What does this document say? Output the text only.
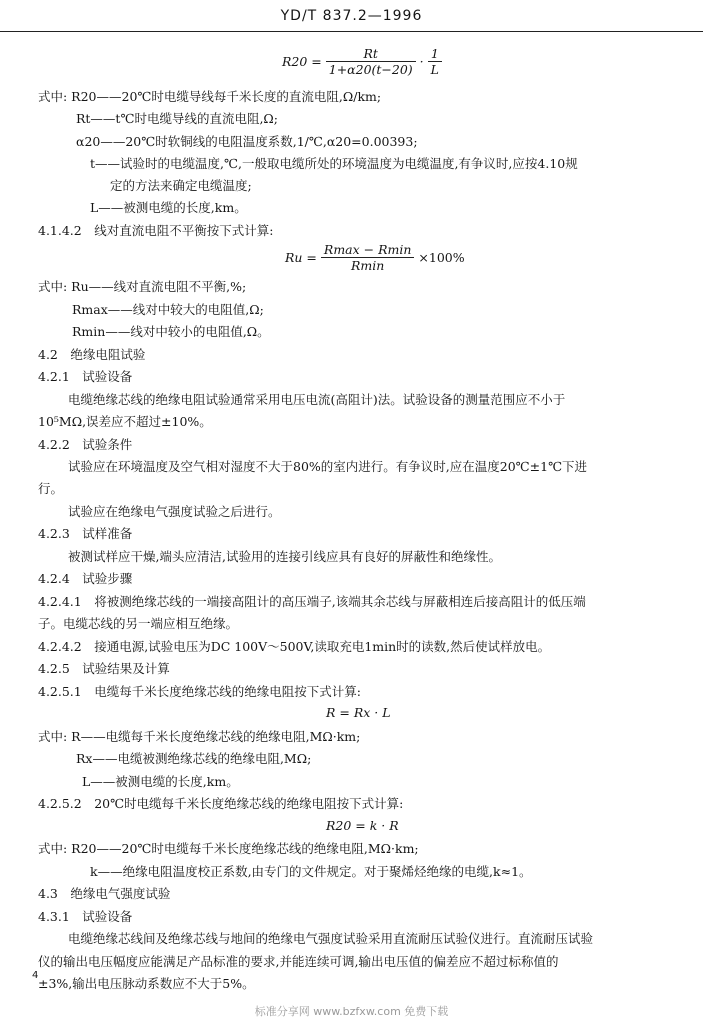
YD/T 837.2—1996
$R20 = \frac{Rt}{1+\alpha 20(t-20)} \cdot \frac{1}{L}$
式中: R20——20℃时电缆导线每千米长度的直流电阻,Ω/km;
Rt——t℃时电缆导线的直流电阻,Ω;
α20——20℃时软铜线的电阻温度系数,1/℃,α20=0.00393;
t——试验时的电缆温度,℃,一般取电缆所处的环境温度为电缆温度,有争议时,应按4.10规
定的方法来确定电缆温度;
L——被测电缆的长度,km。
4.1.4.2　线对直流电阻不平衡按下式计算:
$Ru = \frac{Rmax - Rmin}{Rmin} \times 100\%$
式中: Ru——线对直流电阻不平衡,%;
Rmax——线对中较大的电阻值,Ω;
Rmin——线对中较小的电阻值,Ω。
4.2　绝缘电阻试验
4.2.1　试验设备
电缆绝缘芯线的绝缘电阻试验通常采用电压电流(高阻计)法。试验设备的测量范围应不小于
10⁵MΩ,误差应不超过±10%。
4.2.2　试验条件
试验应在环境温度及空气相对湿度不大于80%的室内进行。有争议时,应在温度20℃±1℃下进
行。
试验应在绝缘电气强度试验之后进行。
4.2.3　试样准备
被测试样应干燥,端头应清洁,试验用的连接引线应具有良好的屏蔽性和绝缘性。
4.2.4　试验步骤
4.2.4.1　将被测绝缘芯线的一端接高阻计的高压端子,该端其余芯线与屏蔽相连后接高阻计的低压端
子。电缆芯线的另一端应相互绝缘。
4.2.4.2　接通电源,试验电压为DC 100V～500V,读取充电1min时的读数,然后使试样放电。
4.2.5　试验结果及计算
4.2.5.1　电缆每千米长度绝缘芯线的绝缘电阻按下式计算:
R = Rx · L
式中: R——电缆每千米长度绝缘芯线的绝缘电阻,MΩ·km;
Rx——电缆被测绝缘芯线的绝缘电阻,MΩ;
L——被测电缆的长度,km。
4.2.5.2　20℃时电缆每千米长度绝缘芯线的绝缘电阻按下式计算:
R20 = k · R
式中: R20——20℃时电缆每千米长度绝缘芯线的绝缘电阻,MΩ·km;
k——绝缘电阻温度校正系数,由专门的文件规定。对于聚烯烃绝缘的电缆,k≈1。
4.3　绝缘电气强度试验
4.3.1　试验设备
电缆绝缘芯线间及绝缘芯线与地间的绝缘电气强度试验采用直流耐压试验仪进行。直流耐压试验
仪的输出电压幅度应能满足产品标准的要求,并能连续可调,输出电压值的偏差应不超过标称值的
±3%,输出电压脉动系数应不大于5%。
4
标准分享网 www.bzfxw.com 免费下载
